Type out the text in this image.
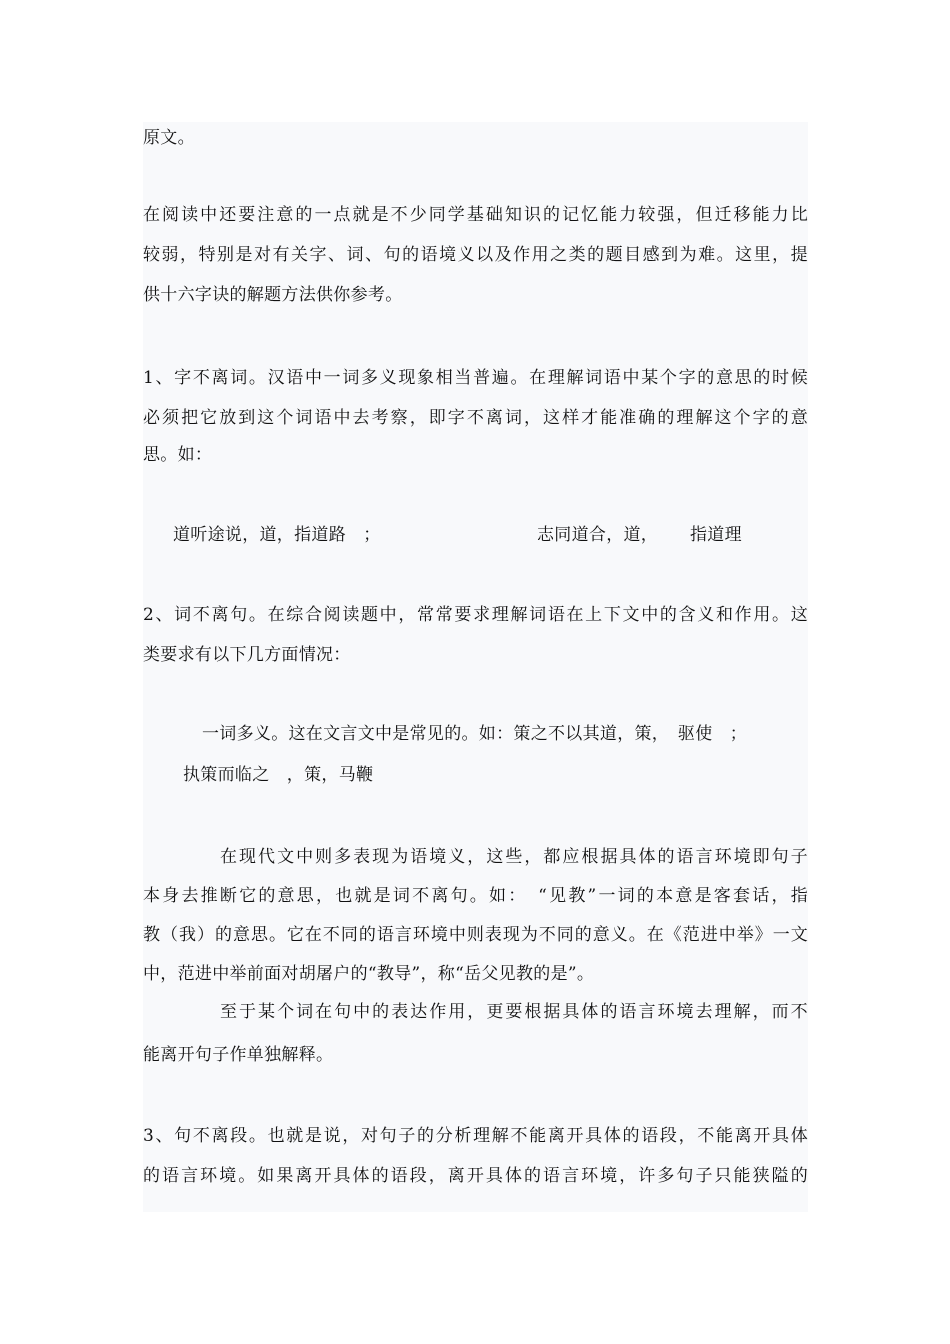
原文。
在阅读中还要注意的一点就是不少同学基础知识的记忆能力较强，但迁移能力比
较弱，特别是对有关字、词、句的语境义以及作用之类的题目感到为难。这里，提
供十六字诀的解题方法供你参考。
1、字不离词。汉语中一词多义现象相当普遍。在理解词语中某个字的意思的时候
必须把它放到这个词语中去考察，即字不离词，这样才能准确的理解这个字的意
思。如：
道听途说，道，指道路　；	志同道合，道， 指道理
2、词不离句。在综合阅读题中，常常要求理解词语在上下文中的含义和作用。这
类要求有以下几方面情况：
一词多义。这在文言文中是常见的。如：策之不以其道，策，　驱使　；
执策而临之　，策，马鞭
在现代文中则多表现为语境义，这些，都应根据具体的语言环境即句子
本身去推断它的意思，也就是词不离句。如：　“见教”一词的本意是客套话，指
教（我）的意思。它在不同的语言环境中则表现为不同的意义。在《范进中举》一文
中，范进中举前面对胡屠户的“教导”，称“岳父见教的是”。
至于某个词在句中的表达作用，更要根据具体的语言环境去理解，而不
能离开句子作单独解释。
3、句不离段。也就是说，对句子的分析理解不能离开具体的语段，不能离开具体
的语言环境。如果离开具体的语段，离开具体的语言环境，许多句子只能狭隘的
